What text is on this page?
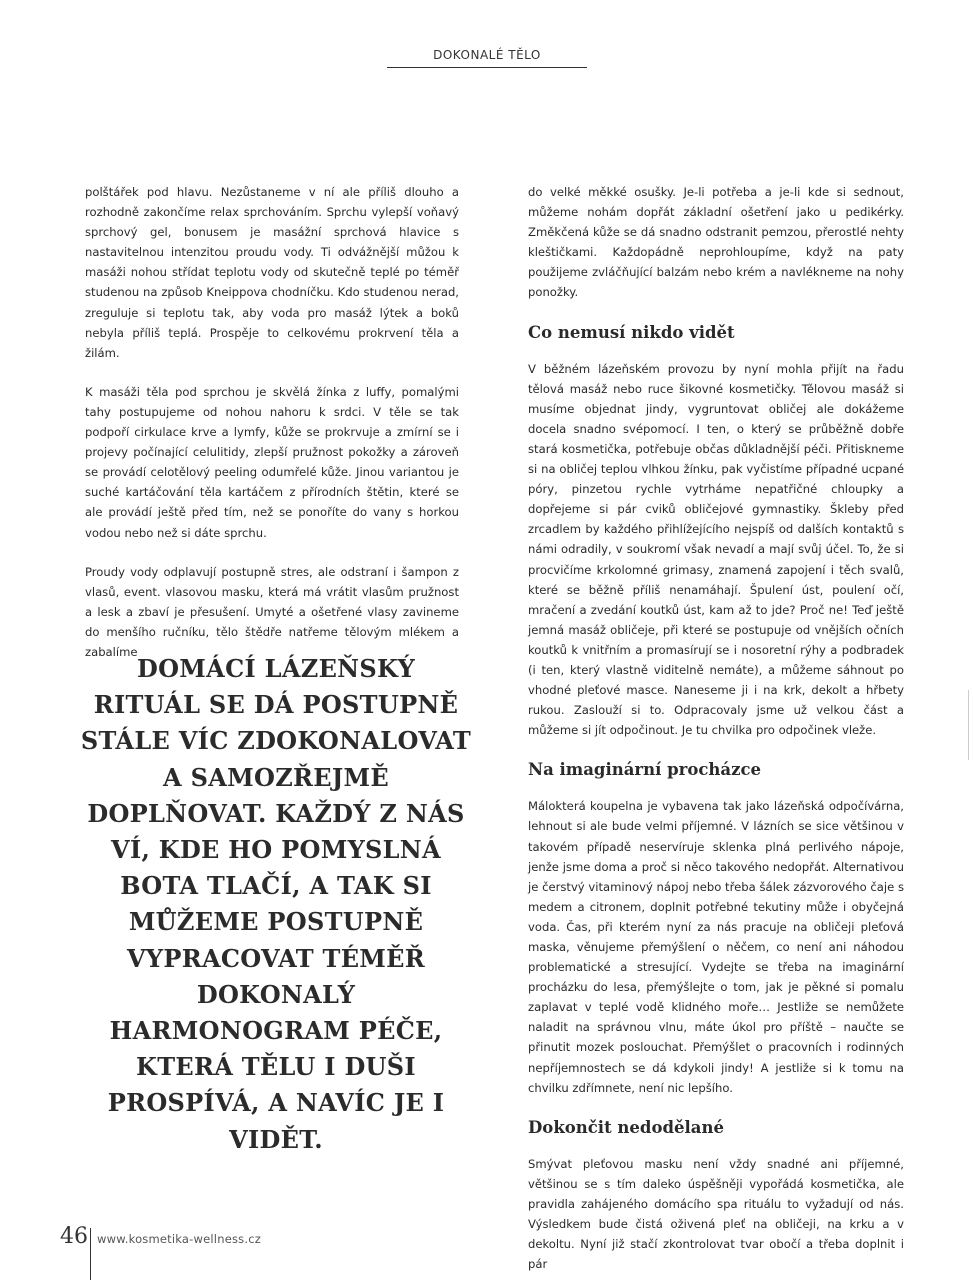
DOKONALÉ TĚLO

polštářek pod hlavu. Nezůstaneme v ní ale příliš dlouho a rozhodně zakončíme relax sprchováním. Sprchu vylepší voňavý sprchový gel, bonusem je masážní sprchová hlavice s nastavitelnou intenzitou proudu vody. Ti odvážnější můžou k masáži nohou střídat teplotu vody od skutečně teplé po téměř studenou na způsob Kneippova chodníčku. Kdo studenou nerad, zreguluje si teplotu tak, aby voda pro masáž lýtek a boků nebyla příliš teplá. Prospěje to celkovému prokrvení těla a žilám.

K masáži těla pod sprchou je skvělá žínka z luffy, pomalými tahy postupujeme od nohou nahoru k srdci. V těle se tak podpoří cirkulace krve a lymfy, kůže se prokrvuje a zmírní se i projevy počínající celulitidy, zlepší pružnost pokožky a zároveň se provádí celotělový peeling odumřelé kůže. Jinou variantou je suché kartáčování těla kartáčem z přírodních štětin, které se ale provádí ještě před tím, než se ponoříte do vany s horkou vodou nebo než si dáte sprchu.

Proudy vody odplavují postupně stres, ale odstraní i šampon z vlasů, event. vlasovou masku, která má vrátit vlasům pružnost a lesk a zbaví je přesušení. Umyté a ošetřené vlasy zavineme do menšího ručníku, tělo štědře natřeme tělovým mlékem a zabalíme

DOMÁCÍ LÁZEŇSKÝ RITUÁL SE DÁ POSTUPNĚ STÁLE VÍC ZDOKONALOVAT A SAMOZŘEJMĚ DOPLŇOVAT. KAŽDÝ Z NÁS VÍ, KDE HO POMYSLNÁ BOTA TLAČÍ, A TAK SI MŮŽEME POSTUPNĚ VYPRACOVAT TÉMĚŘ DOKONALÝ HARMONOGRAM PÉČE, KTERÁ TĚLU I DUŠI PROSPÍVÁ, A NAVÍC JE I VIDĚT.

do velké měkké osušky. Je-li potřeba a je-li kde si sednout, můžeme nohám dopřát základní ošetření jako u pedikérky. Změkčená kůže se dá snadno odstranit pemzou, přerostlé nehty kleštičkami. Každopádně neprohloupíme, když na paty použijeme zvláčňující balzám nebo krém a navlékneme na nohy ponožky.

Co nemusí nikdo vidět

V běžném lázeňském provozu by nyní mohla přijít na řadu tělová masáž nebo ruce šikovné kosmetičky. Tělovou masáž si musíme objednat jindy, vygruntovat obličej ale dokážeme docela snadno svépomocí. I ten, o který se průběžně dobře stará kosmetička, potřebuje občas důkladnější péči. Přitiskneme si na obličej teplou vlhkou žínku, pak vyčistíme případné ucpané póry, pinzetou rychle vytrháme nepatřičné chloupky a dopřejeme si pár cviků obličejové gymnastiky. Škleby před zrcadlem by každého přihlížejícího nejspíš od dalších kontaktů s námi odradily, v soukromí však nevadí a mají svůj účel. To, že si procvičíme krkolomné grimasy, znamená zapojení i těch svalů, které se běžně příliš nenamáhají. Špulení úst, poulení očí, mračení a zvedání koutků úst, kam až to jde? Proč ne! Teď ještě jemná masáž obličeje, při které se postupuje od vnějších očních koutků k vnitřním a promasírují se i nosoretní rýhy a podbradek (i ten, který vlastně viditelně nemáte), a můžeme sáhnout po vhodné pleťové masce. Naneseme ji i na krk, dekolt a hřbety rukou. Zaslouží si to. Odpracovaly jsme už velkou část a můžeme si jít odpočinout. Je tu chvilka pro odpočinek vleže.

Na imaginární procházce

Málokterá koupelna je vybavena tak jako lázeňská odpočívárna, lehnout si ale bude velmi příjemné. V lázních se sice většinou v takovém případě neservíruje sklenka plná perlivého nápoje, jenže jsme doma a proč si něco takového nedopřát. Alternativou je čerstvý vitaminový nápoj nebo třeba šálek zázvorového čaje s medem a citronem, doplnit potřebné tekutiny může i obyčejná voda. Čas, při kterém nyní za nás pracuje na obličeji pleťová maska, věnujeme přemýšlení o něčem, co není ani náhodou problematické a stresující. Vydejte se třeba na imaginární procházku do lesa, přemýšlejte o tom, jak je pěkné si pomalu zaplavat v teplé vodě klidného moře… Jestliže se nemůžete naladit na správnou vlnu, máte úkol pro příště – naučte se přinutit mozek poslouchat. Přemýšlet o pracovních i rodinných nepříjemnostech se dá kdykoli jindy! A jestliže si k tomu na chvilku zdřímnete, není nic lepšího.

Dokončit nedodělané

Smývat pleťovou masku není vždy snadné ani příjemné, většinou se s tím daleko úspěšněji vypořádá kosmetička, ale pravidla zahájeného domácího spa rituálu to vyžadují od nás. Výsledkem bude čistá oživená pleť na obličeji, na krku a v dekoltu. Nyní již stačí zkontrolovat tvar obočí a třeba doplnit i pár

46 www.kosmetika-wellness.cz
